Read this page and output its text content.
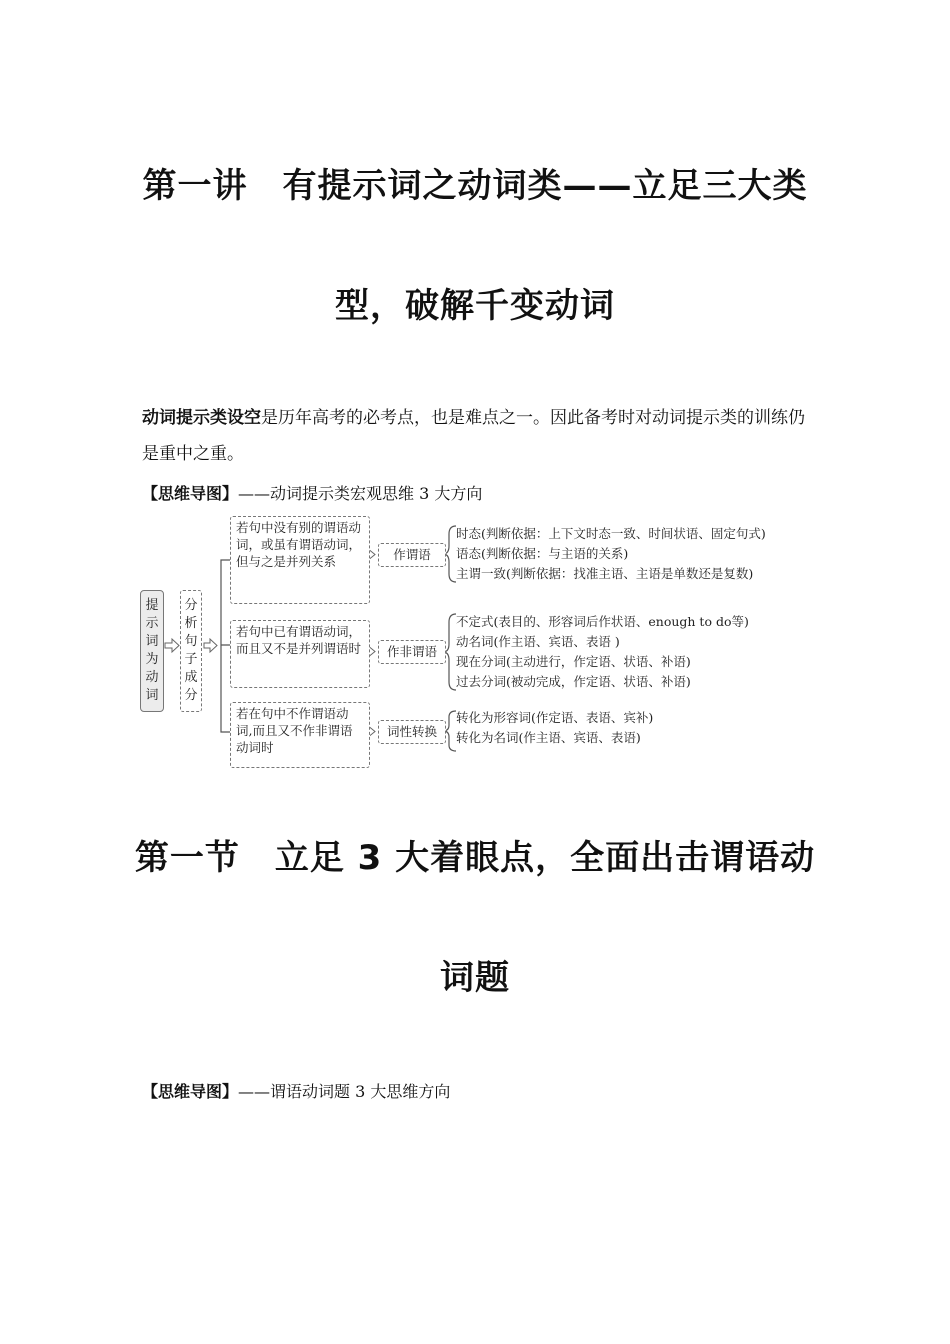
第一讲　有提示词之动词类——立足三大类
型，破解千变动词
动词提示类设空是历年高考的必考点，也是难点之一。因此备考时对动词提示类的训练仍是重中之重。
【思维导图】——动词提示类宏观思维 3 大方向
提示词为动词
分析句子成分
若句中没有别的谓语动词，或虽有谓语动词，但与之是并列关系
若句中已有谓语动词，而且又不是并列谓语时
若在句中不作谓语动词,而且又不作非谓语动词时
作谓语
作非谓语
词性转换
时态(判断依据：上下文时态一致、时间状语、固定句式)
语态(判断依据：与主语的关系)
主谓一致(判断依据：找准主语、主语是单数还是复数)
不定式(表目的、形容词后作状语、enough to do等)
动名词(作主语、宾语、表语 )
现在分词(主动进行，作定语、状语、补语)
过去分词(被动完成，作定语、状语、补语)
转化为形容词(作定语、表语、宾补)
转化为名词(作主语、宾语、表语)
第一节　立足 3 大着眼点，全面出击谓语动
词题
【思维导图】——谓语动词题 3 大思维方向
